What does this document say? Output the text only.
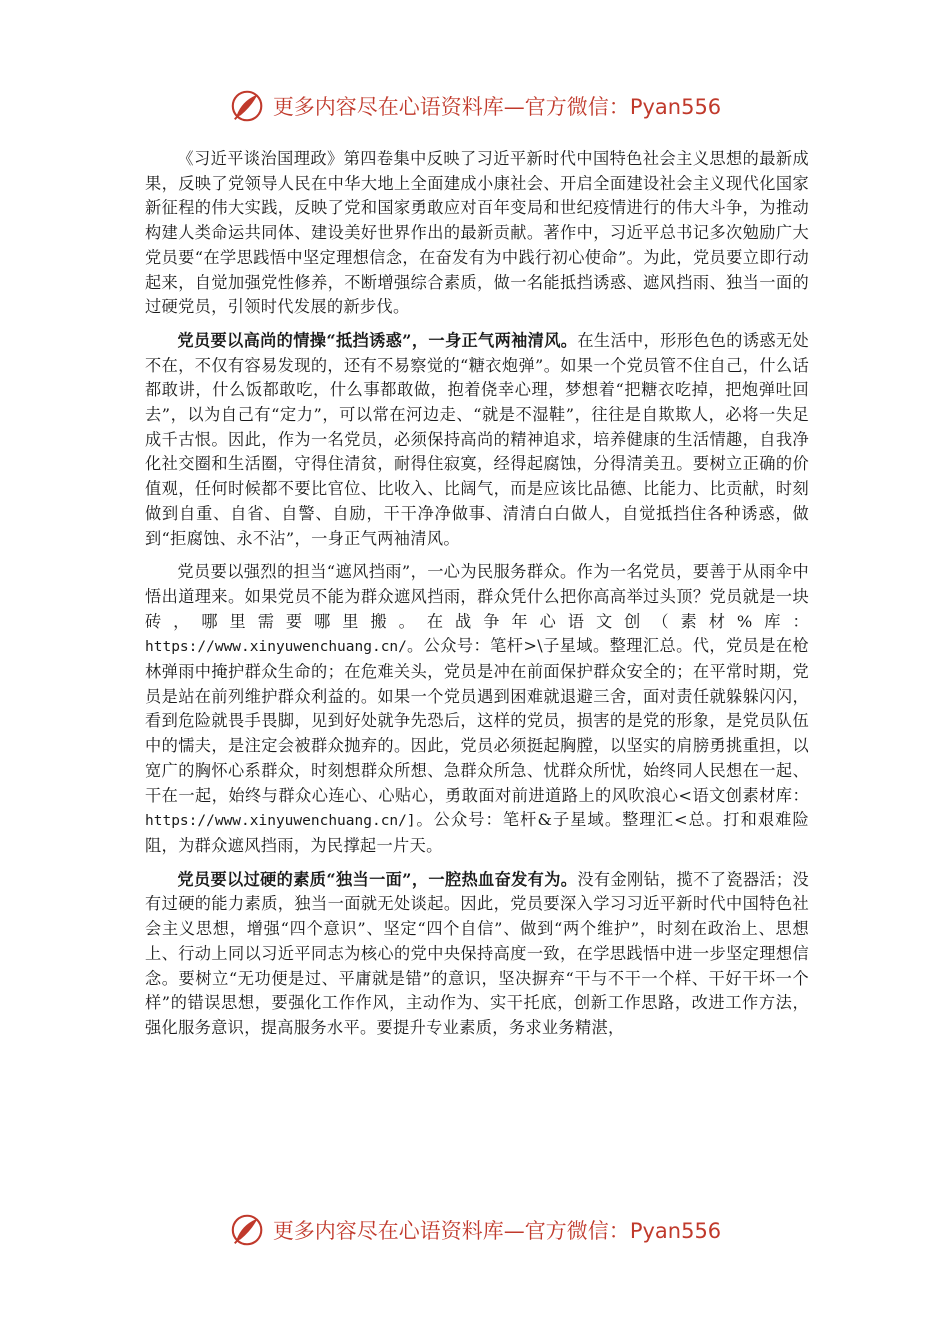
更多内容尽在心语资料库—官方微信：Pyan556

《习近平谈治国理政》第四卷集中反映了习近平新时代中国特色社会主义思想的最新成果，反映了党领导人民在中华大地上全面建成小康社会、开启全面建设社会主义现代化国家新征程的伟大实践，反映了党和国家勇敢应对百年变局和世纪疫情进行的伟大斗争，为推动构建人类命运共同体、建设美好世界作出的最新贡献。著作中，习近平总书记多次勉励广大党员要“在学思践悟中坚定理想信念，在奋发有为中践行初心使命”。为此，党员要立即行动起来，自觉加强党性修养，不断增强综合素质，做一名能抵挡诱惑、遮风挡雨、独当一面的过硬党员，引领时代发展的新步伐。

党员要以高尚的情操“抵挡诱惑”，一身正气两袖清风。在生活中，形形色色的诱惑无处不在，不仅有容易发现的，还有不易察觉的“糖衣炮弹”。如果一个党员管不住自己，什么话都敢讲，什么饭都敢吃，什么事都敢做，抱着侥幸心理，梦想着“把糖衣吃掉，把炮弹吐回去”，以为自己有“定力”，可以常在河边走、“就是不湿鞋”，往往是自欺欺人，必将一失足成千古恨。因此，作为一名党员，必须保持高尚的精神追求，培养健康的生活情趣，自我净化社交圈和生活圈，守得住清贫，耐得住寂寞，经得起腐蚀，分得清美丑。要树立正确的价值观，任何时候都不要比官位、比收入、比阔气，而是应该比品德、比能力、比贡献，时刻做到自重、自省、自警、自励，干干净净做事、清清白白做人，自觉抵挡住各种诱惑，做到“拒腐蚀、永不沾”，一身正气两袖清风。

党员要以强烈的担当“遮风挡雨”，一心为民服务群众。作为一名党员，要善于从雨伞中悟出道理来。如果党员不能为群众遮风挡雨，群众凭什么把你高高举过头顶？党员就是一块砖，哪里需要哪里搬。在战争年心语文创（素材%库：https://www.xinyuwenchuang.cn/。公众号：笔杆>\子星域。整理汇总。代，党员是在枪林弹雨中掩护群众生命的；在危难关头，党员是冲在前面保护群众安全的；在平常时期，党员是站在前列维护群众利益的。如果一个党员遇到困难就退避三舍，面对责任就躲躲闪闪，看到危险就畏手畏脚，见到好处就争先恐后，这样的党员，损害的是党的形象，是党员队伍中的懦夫，是注定会被群众抛弃的。因此，党员必须挺起胸膛，以坚实的肩膀勇挑重担，以宽广的胸怀心系群众，时刻想群众所想、急群众所急、忧群众所忧，始终同人民想在一起、干在一起，始终与群众心连心、心贴心，勇敢面对前进道路上的风吹浪心<语文创素材库：https://www.xinyuwenchuang.cn/]。公众号：笔杆&子星域。整理汇<总。打和艰难险阻，为群众遮风挡雨，为民撑起一片天。

党员要以过硬的素质“独当一面”，一腔热血奋发有为。没有金刚钻，揽不了瓷器活；没有过硬的能力素质，独当一面就无处谈起。因此，党员要深入学习习近平新时代中国特色社会主义思想，增强“四个意识”、坚定“四个自信”、做到“两个维护”，时刻在政治上、思想上、行动上同以习近平同志为核心的党中央保持高度一致，在学思践悟中进一步坚定理想信念。要树立“无功便是过、平庸就是错”的意识，坚决摒弃“干与不干一个样、干好干坏一个样”的错误思想，要强化工作作风，主动作为、实干托底，创新工作思路，改进工作方法，强化服务意识，提高服务水平。要提升专业素质，务求业务精湛，

更多内容尽在心语资料库—官方微信：Pyan556
